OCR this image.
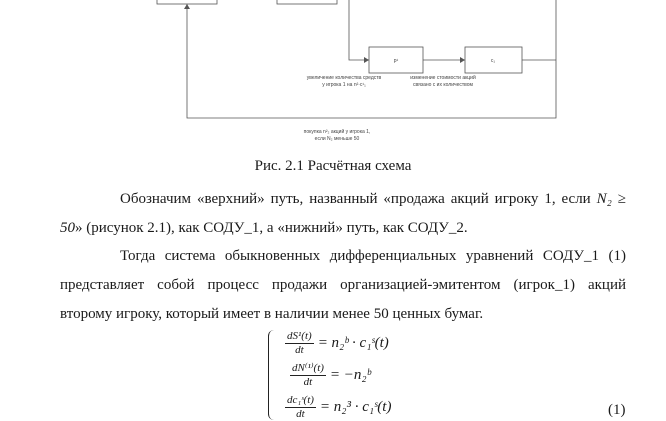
p¹	c₁
увеличение количества средств
у игрока 1 на n²·c¹₁
изменение стоимости акций
связано с их количеством
покупка n²₂ акций у игрока 1,
если N₂ меньше 50
Рис. 2.1 Расчётная схема

Обозначим «верхний» путь, названный «продажа акций игроку 1, если N₂ ≥ 50» (рисунок 2.1), как СОДУ_1, а «нижний» путь, как СОДУ_2.

Тогда система обыкновенных дифференциальных уравнений СОДУ_1 (1) представляет собой процесс продажи организацией-эмитентом (игрок_1) акций второму игроку, который имеет в наличии менее 50 ценных бумаг.

$\frac{\text{dS¹(t)}}{dt}$ = n₂ᵇ · c₁ˢ(t)
$\frac{\text{dN⁽¹⁾(t)}}{dt}$ = −n₂ᵇ
$\frac{\text{dc₁ˢ(t)}}{dt} = n_2^3$ · c₁ˢ(t)	(1)
